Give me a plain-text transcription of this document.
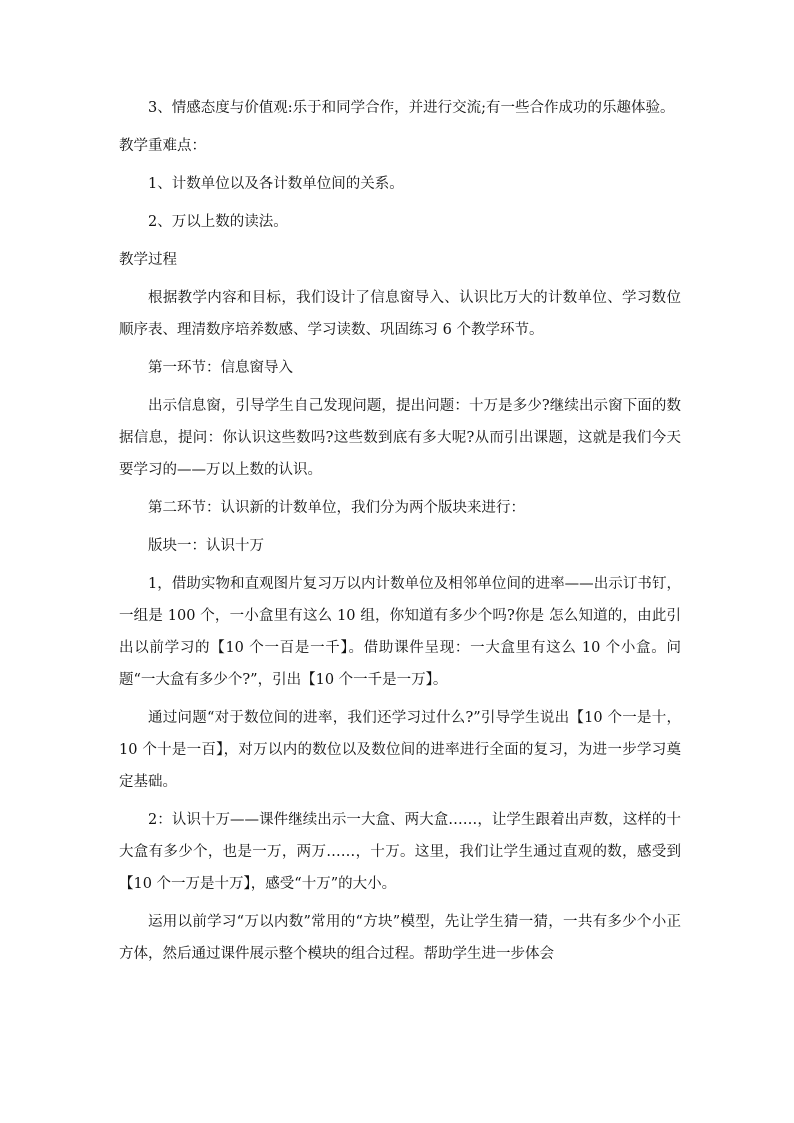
3、情感态度与价值观:乐于和同学合作，并进行交流;有一些合作成功的乐趣体验。

教学重难点：

1、计数单位以及各计数单位间的关系。

2、万以上数的读法。

教学过程

根据教学内容和目标，我们设计了信息窗导入、认识比万大的计数单位、学习数位顺序表、理清数序培养数感、学习读数、巩固练习 6 个教学环节。

第一环节：信息窗导入

出示信息窗，引导学生自己发现问题，提出问题：十万是多少?继续出示窗下面的数据信息，提问：你认识这些数吗?这些数到底有多大呢?从而引出课题，这就是我们今天要学习的——万以上数的认识。

第二环节：认识新的计数单位，我们分为两个版块来进行：

版块一：认识十万

1，借助实物和直观图片复习万以内计数单位及相邻单位间的进率——出示订书钉，一组是 100 个，一小盒里有这么 10 组，你知道有多少个吗?你是 怎么知道的，由此引出以前学习的【10 个一百是一千】。借助课件呈现：一大盒里有这么 10 个小盒。问题“一大盒有多少个?”，引出【10 个一千是一万】。

通过问题“对于数位间的进率，我们还学习过什么?”引导学生说出【10 个一是十，10 个十是一百】，对万以内的数位以及数位间的进率进行全面的复习，为进一步学习奠定基础。

2：认识十万——课件继续出示一大盒、两大盒……，让学生跟着出声数，这样的十大盒有多少个，也是一万，两万……，十万。这里，我们让学生通过直观的数，感受到【10 个一万是十万】，感受“十万”的大小。

运用以前学习“万以内数”常用的“方块”模型，先让学生猜一猜，一共有多少个小正方体，然后通过课件展示整个模块的组合过程。帮助学生进一步体会
